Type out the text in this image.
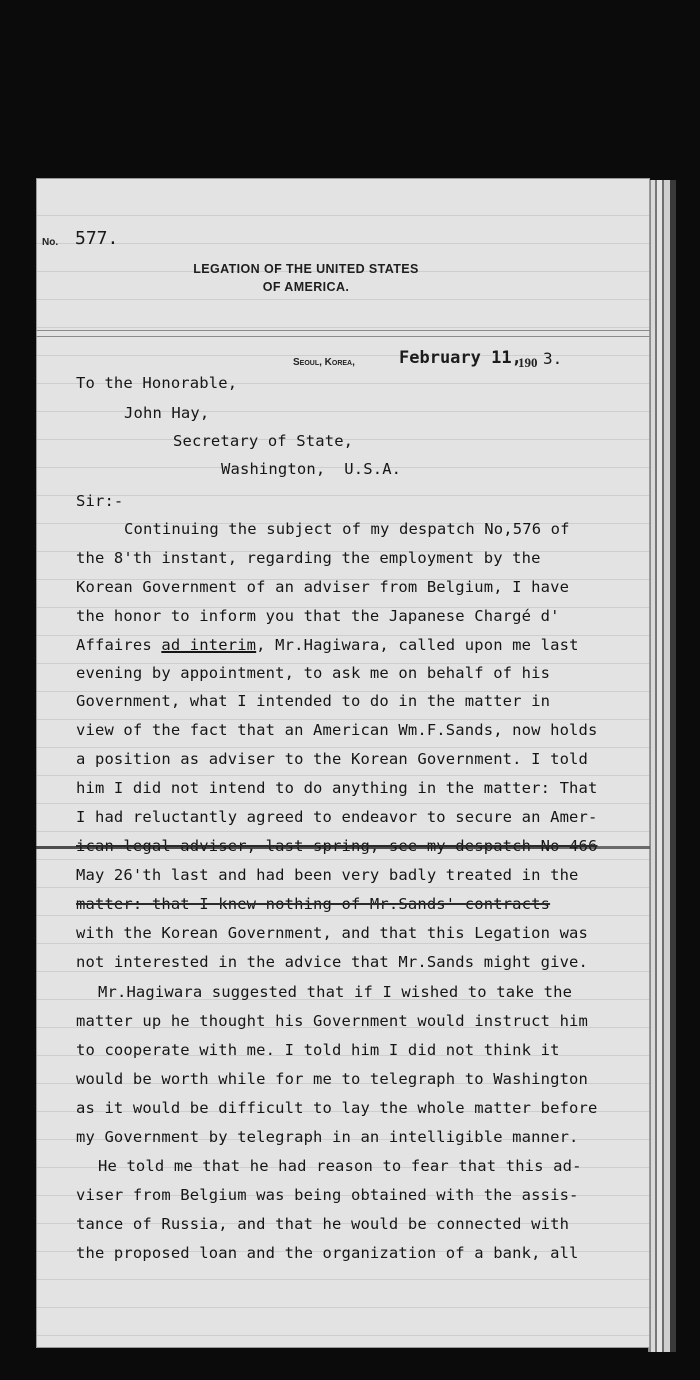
No. 577.
LEGATION OF THE UNITED STATES
OF AMERICA.
Seoul, Korea,	February 11,
190 3.
To the Honorable,
John Hay,
Secretary of State,
Washington,  U.S.A.
Sir:-
Continuing the subject of my despatch No,576 of
the 8'th instant, regarding the employment by the
Korean Government of an adviser from Belgium, I have
the honor to inform you that the Japanese Chargé d'
Affaires ad interim, Mr.Hagiwara, called upon me last
evening by appointment, to ask me on behalf of his
Government, what I intended to do in the matter in
view of the fact that an American Wm.F.Sands, now holds
a position as adviser to the Korean Government. I told
him I did not intend to do anything in the matter: That
I had reluctantly agreed to endeavor to secure an Amer-
ican legal adviser, last spring, see my despatch No 466
May 26'th last and had been very badly treated in the
matter: that I knew nothing of Mr.Sands' contracts
with the Korean Government, and that this Legation was
not interested in the advice that Mr.Sands might give.
Mr.Hagiwara suggested that if I wished to take the
matter up he thought his Government would instruct him
to cooperate with me. I told him I did not think it
would be worth while for me to telegraph to Washington
as it would be difficult to lay the whole matter before
my Government by telegraph in an intelligible manner.
He told me that he had reason to fear that this ad-
viser from Belgium was being obtained with the assis-
tance of Russia, and that he would be connected with
the proposed loan and the organization of a bank, all
